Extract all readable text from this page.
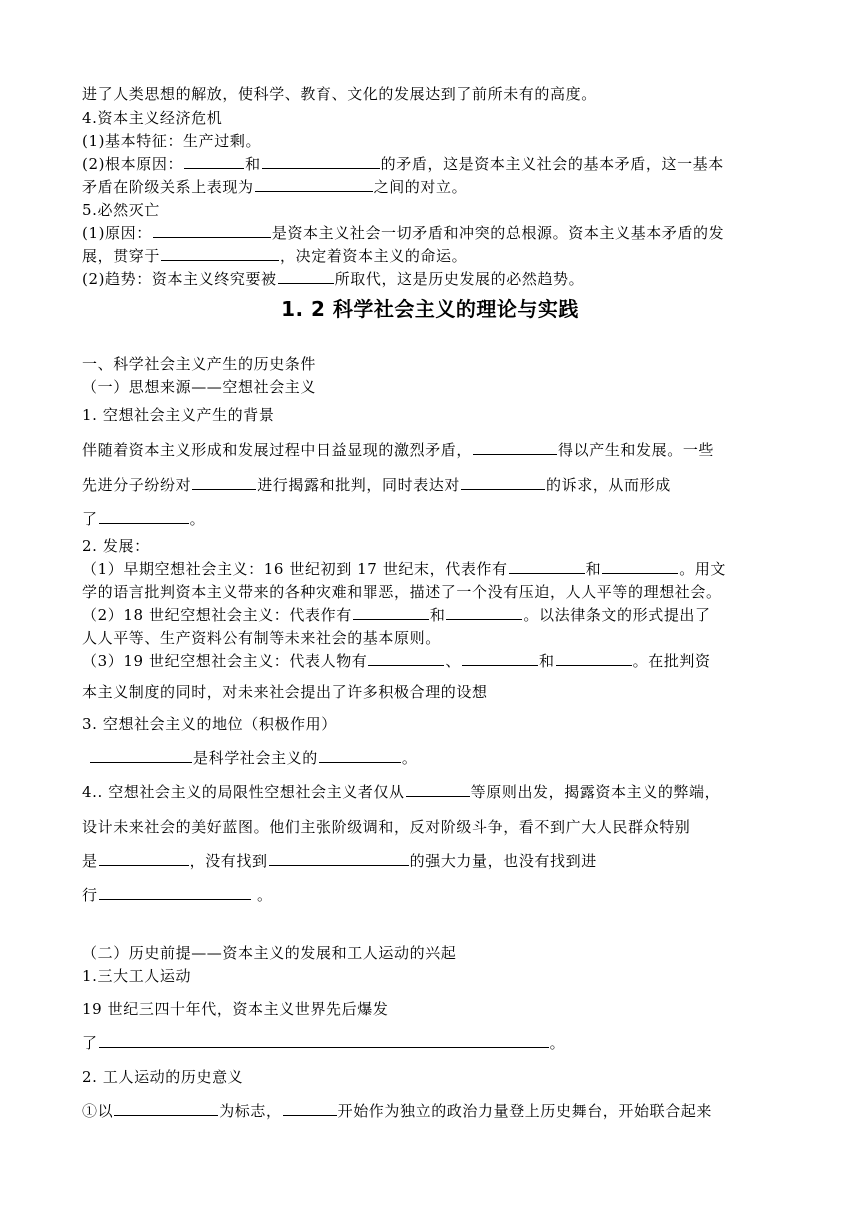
进了人类思想的解放，使科学、教育、文化的发展达到了前所未有的高度。
4.资本主义经济危机
(1)基本特征：生产过剩。
(2)根本原因：	和	的矛盾，这是资本主义社会的基本矛盾，这一基本
矛盾在阶级关系上表现为	之间的对立。
5.必然灭亡
(1)原因：	是资本主义社会一切矛盾和冲突的总根源。资本主义基本矛盾的发
展，贯穿于	，决定着资本主义的命运。
(2)趋势：资本主义终究要被	所取代，这是历史发展的必然趋势。
1. 2 科学社会主义的理论与实践
一、科学社会主义产生的历史条件
（一）思想来源——空想社会主义
1. 空想社会主义产生的背景
伴随着资本主义形成和发展过程中日益显现的激烈矛盾，	得以产生和发展。一些
先进分子纷纷对	进行揭露和批判，同时表达对	的诉求，从而形成
了	。
2. 发展：
（1）早期空想社会主义：16 世纪初到 17 世纪末，代表作有	和	。用文
学的语言批判资本主义带来的各种灾难和罪恶，描述了一个没有压迫，人人平等的理想社会。
（2）18 世纪空想社会主义：代表作有	和	。以法律条文的形式提出了
人人平等、生产资料公有制等未来社会的基本原则。
（3）19 世纪空想社会主义：代表人物有	、	和	。在批判资
本主义制度的同时，对未来社会提出了许多积极合理的设想
3. 空想社会主义的地位（积极作用）
是科学社会主义的	。
4.. 空想社会主义的局限性空想社会主义者仅从	等原则出发，揭露资本主义的弊端，
设计未来社会的美好蓝图。他们主张阶级调和，反对阶级斗争，看不到广大人民群众特别
是	，没有找到	的强大力量，也没有找到进
行	。
（二）历史前提——资本主义的发展和工人运动的兴起
1.三大工人运动
19 世纪三四十年代，资本主义世界先后爆发
了	。
2. 工人运动的历史意义
①以	为标志，	开始作为独立的政治力量登上历史舞台，开始联合起来
